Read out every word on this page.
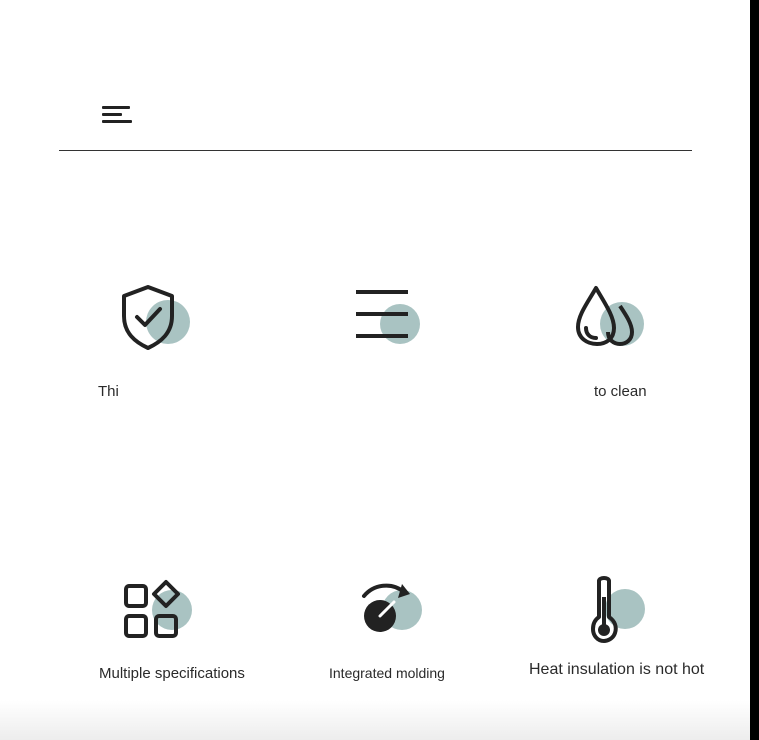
Thi	to clean
Multiple specifications	Integrated molding	Heat insulation is not hot
